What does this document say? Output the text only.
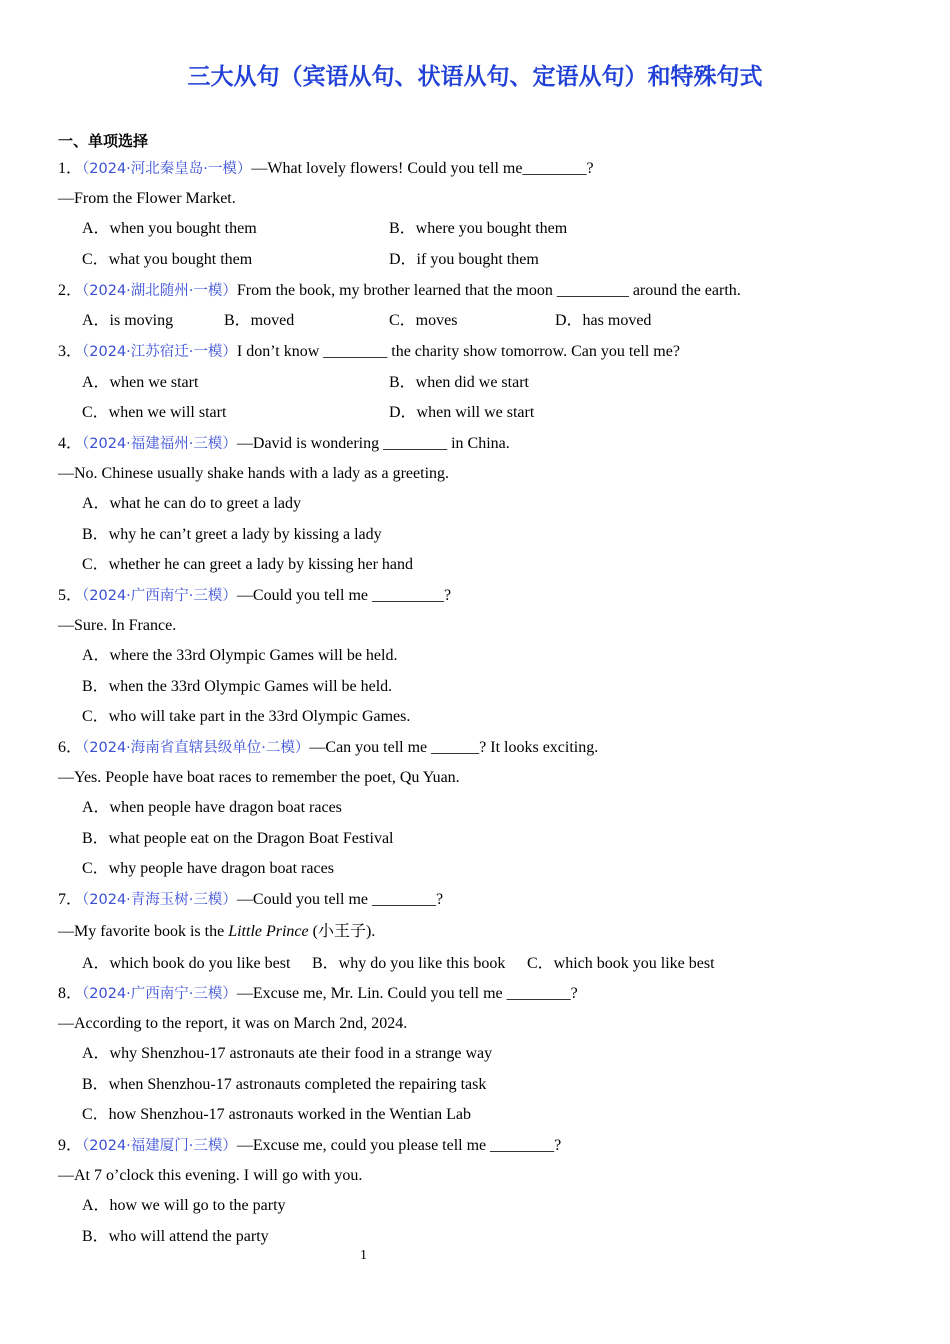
三大从句（宾语从句、状语从句、定语从句）和特殊句式
一、单项选择
1．（2024·河北秦皇岛·一模）—What lovely flowers! Could you tell me________?
—From the Flower Market.
A．when you bought them	B．where you bought them
C．what you bought them	D．if you bought them
2．（2024·湖北随州·一模）From the book, my brother learned that the moon _________ around the earth.
A．is moving	B．moved	C．moves	D．has moved
3．（2024·江苏宿迁·一模）I don’t know ________ the charity show tomorrow. Can you tell me?
A．when we start	B．when did we start
C．when we will start	D．when will we start
4．（2024·福建福州·三模）—David is wondering ________ in China.
—No. Chinese usually shake hands with a lady as a greeting.
A．what he can do to greet a lady
B．why he can’t greet a lady by kissing a lady
C．whether he can greet a lady by kissing her hand
5．（2024·广西南宁·三模）—Could you tell me _________?
—Sure. In France.
A．where the 33rd Olympic Games will be held.
B．when the 33rd Olympic Games will be held.
C．who will take part in the 33rd Olympic Games.
6．（2024·海南省直辖县级单位·二模）—Can you tell me ______? It looks exciting.
—Yes. People have boat races to remember the poet, Qu Yuan.
A．when people have dragon boat races
B．what people eat on the Dragon Boat Festival
C．why people have dragon boat races
7．（2024·青海玉树·三模）—Could you tell me ________?
—My favorite book is the Little Prince (小王子).
A．which book do you like best B．why do you like this book C．which book you like best
8．（2024·广西南宁·三模）—Excuse me, Mr. Lin. Could you tell me ________?
—According to the report, it was on March 2nd, 2024.
A．why Shenzhou-17 astronauts ate their food in a strange way
B．when Shenzhou-17 astronauts completed the repairing task
C．how Shenzhou-17 astronauts worked in the Wentian Lab
9．（2024·福建厦门·三模）—Excuse me, could you please tell me ________?
—At 7 o’clock this evening. I will go with you.
A．how we will go to the party
B．who will attend the party
1
